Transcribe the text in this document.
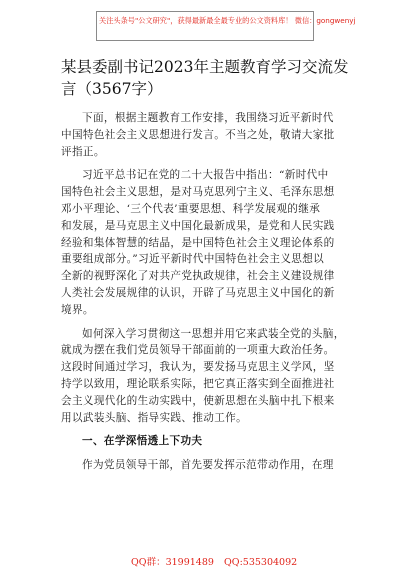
关注头条号"公文研究"，获得最新最全最专业的公文资料库！ 微信：gongwenyj
某县委副书记2023年主题教育学习交流发
言（3567字）
下面，根据主题教育工作安排，我围绕习近平新时代
中国特色社会主义思想进行发言。不当之处，敬请大家批
评指正。
习近平总书记在党的二十大报告中指出：“新时代中
国特色社会主义思想，是对马克思列宁主义、毛泽东思想
邓小平理论、‘三个代表’重要思想、科学发展观的继承
和发展，是马克思主义中国化最新成果，是党和人民实践
经验和集体智慧的结晶，是中国特色社会主义理论体系的
重要组成部分。”习近平新时代中国特色社会主义思想以
全新的视野深化了对共产党执政规律，社会主义建设规律
人类社会发展规律的认识，开辟了马克思主义中国化的新
境界。
如何深入学习贯彻这一思想并用它来武装全党的头脑，
就成为摆在我们党员领导干部面前的一项重大政治任务。
这段时间通过学习，我认为，要发扬马克思主义学风，坚
持学以致用，理论联系实际，把它真正落实到全面推进社
会主义现代化的生动实践中，使新思想在头脑中扎下根来
用以武装头脑、指导实践、推动工作。
一、在学深悟透上下功夫
作为党员领导干部，首先要发挥示范带动作用，在理
QQ群：31991489 QQ:535304092
